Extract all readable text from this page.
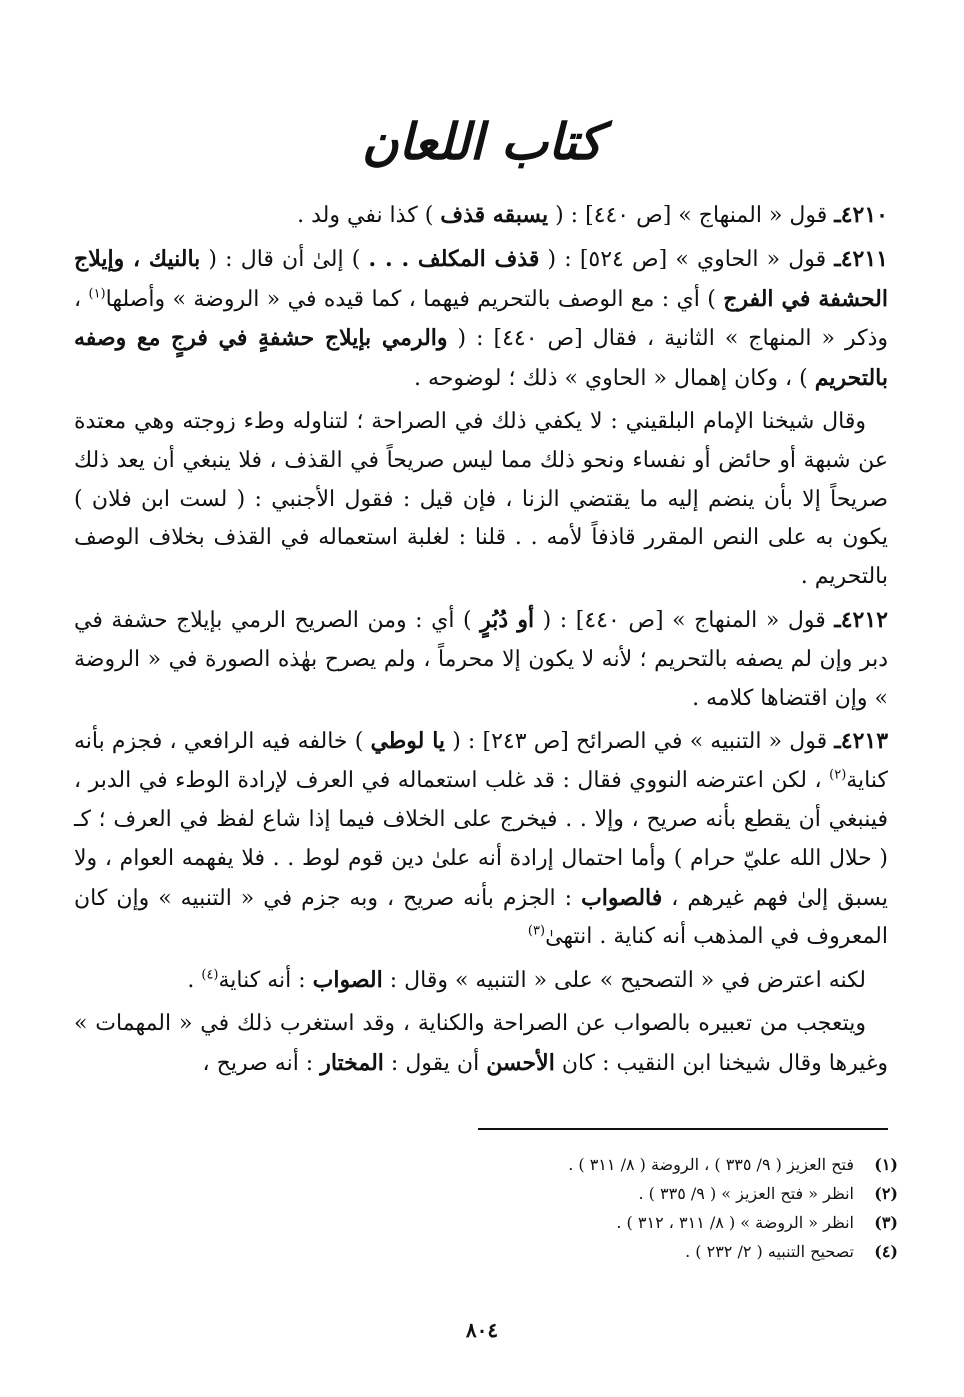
كتاب اللعان

٤٢١٠ـ قول « المنهاج » [ص ٤٤٠] : ( يسبقه قذف ) كذا نفي ولد .

٤٢١١ـ قول « الحاوي » [ص ٥٢٤] : ( قذف المكلف . . . ) إلىٰ أن قال : ( بالنيك ، وإيلاج الحشفة في الفرج ) أي : مع الوصف بالتحريم فيهما ، كما قيده في « الروضة » وأصلها$^{(١)}$ ، وذكر « المنهاج » الثانية ، فقال [ص ٤٤٠] : ( والرمي بإيلاج حشفةٍ في فرجٍ مع وصفه بالتحريم ) ، وكان إهمال « الحاوي » ذلك ؛ لوضوحه .

وقال شيخنا الإمام البلقيني : لا يكفي ذلك في الصراحة ؛ لتناوله وطء زوجته وهي معتدة عن شبهة أو حائض أو نفساء ونحو ذلك مما ليس صريحاً في القذف ، فلا ينبغي أن يعد ذلك صريحاً إلا بأن ينضم إليه ما يقتضي الزنا ، فإن قيل : فقول الأجنبي : ( لست ابن فلان ) يكون به على النص المقرر قاذفاً لأمه . . قلنا : لغلبة استعماله في القذف بخلاف الوصف بالتحريم .

٤٢١٢ـ قول « المنهاج » [ص ٤٤٠] : ( أو دُبُرٍ ) أي : ومن الصريح الرمي بإيلاج حشفة في دبر وإن لم يصفه بالتحريم ؛ لأنه لا يكون إلا محرماً ، ولم يصرح بهٰذه الصورة في « الروضة » وإن اقتضاها كلامه .

٤٢١٣ـ قول « التنبيه » في الصرائح [ص ٢٤٣] : ( يا لوطي ) خالفه فيه الرافعي ، فجزم بأنه كناية$^{(٢)}$ ، لكن اعترضه النووي فقال : قد غلب استعماله في العرف لإرادة الوطء في الدبر ، فينبغي أن يقطع بأنه صريح ، وإلا . . فيخرج على الخلاف فيما إذا شاع لفظ في العرف ؛ كـ ( حلال الله عليّ حرام ) وأما احتمال إرادة أنه علىٰ دين قوم لوط . . فلا يفهمه العوام ، ولا يسبق إلىٰ فهم غيرهم ، فالصواب : الجزم بأنه صريح ، وبه جزم في « التنبيه » وإن كان المعروف في المذهب أنه كناية . انتهىٰ$^{(٣)}$

لكنه اعترض في « التصحيح » على « التنبيه » وقال : الصواب : أنه كناية$^{(٤)}$ .

ويتعجب من تعبيره بالصواب عن الصراحة والكناية ، وقد استغرب ذلك في « المهمات » وغيرها وقال شيخنا ابن النقيب : كان الأحسن أن يقول : المختار : أنه صريح ،

(١)
فتح العزيز ( ٩/ ٣٣٥ ) ، الروضة ( ٨/ ٣١١ ) .
(٢)
انظر « فتح العزيز » ( ٩/ ٣٣٥ ) .
(٣)
انظر « الروضة » ( ٨/ ٣١١ ، ٣١٢ ) .
(٤)
تصحيح التنبيه ( ٢/ ٢٣٢ ) .
٨٠٤
